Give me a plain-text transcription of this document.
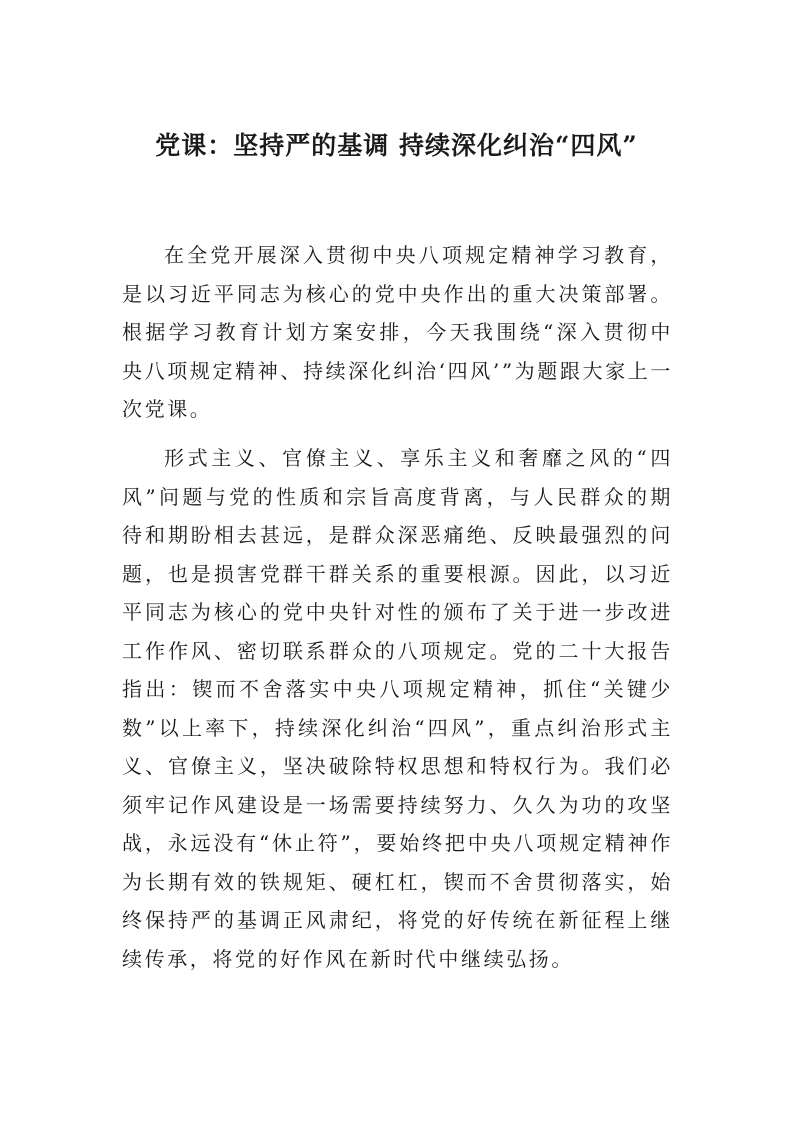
党课：坚持严的基调 持续深化纠治“四风”

在全党开展深入贯彻中央八项规定精神学习教育，是以习近平同志为核心的党中央作出的重大决策部署。根据学习教育计划方案安排，今天我围绕“深入贯彻中央八项规定精神、持续深化纠治‘四风’”为题跟大家上一次党课。

形式主义、官僚主义、享乐主义和奢靡之风的“四风”问题与党的性质和宗旨高度背离，与人民群众的期待和期盼相去甚远，是群众深恶痛绝、反映最强烈的问题，也是损害党群干群关系的重要根源。因此，以习近平同志为核心的党中央针对性的颁布了关于进一步改进工作作风、密切联系群众的八项规定。党的二十大报告指出：锲而不舍落实中央八项规定精神，抓住“关键少数”以上率下，持续深化纠治“四风”，重点纠治形式主义、官僚主义，坚决破除特权思想和特权行为。我们必须牢记作风建设是一场需要持续努力、久久为功的攻坚战，永远没有“休止符”，要始终把中央八项规定精神作为长期有效的铁规矩、硬杠杠，锲而不舍贯彻落实，始终保持严的基调正风肃纪，将党的好传统在新征程上继续传承，将党的好作风在新时代中继续弘扬。
